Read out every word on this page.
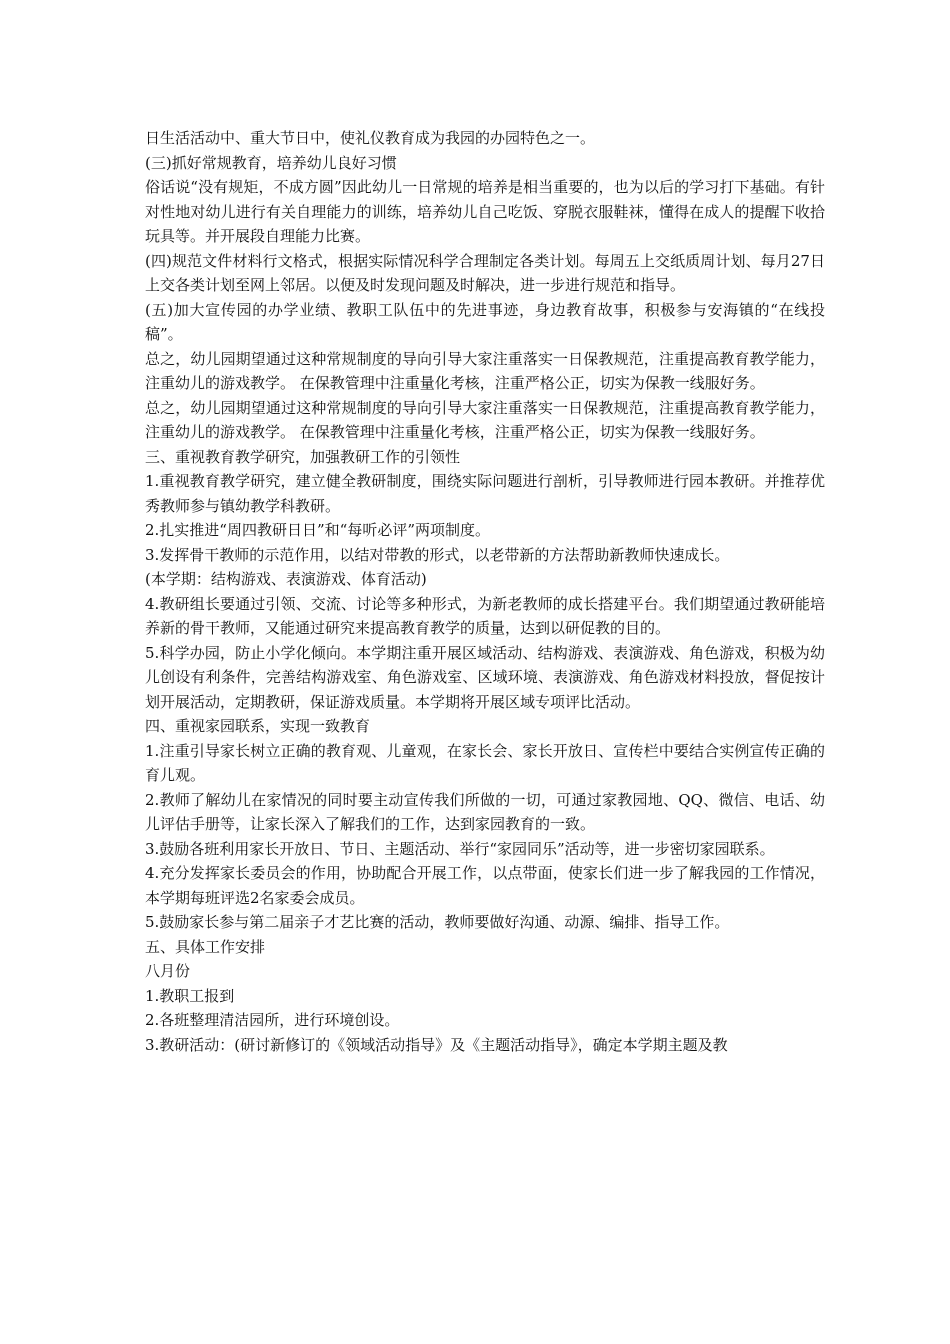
日生活活动中、重大节日中，使礼仪教育成为我园的办园特色之一。

(三)抓好常规教育，培养幼儿良好习惯

俗话说“没有规矩，不成方圆”因此幼儿一日常规的培养是相当重要的，也为以后的学习打下基础。有针对性地对幼儿进行有关自理能力的训练，培养幼儿自己吃饭、穿脱衣服鞋袜，懂得在成人的提醒下收拾玩具等。并开展段自理能力比赛。

(四)规范文件材料行文格式，根据实际情况科学合理制定各类计划。每周五上交纸质周计划、每月27日上交各类计划至网上邻居。以便及时发现问题及时解决，进一步进行规范和指导。

(五)加大宣传园的办学业绩、教职工队伍中的先进事迹，身边教育故事，积极参与安海镇的“在线投稿”。

总之，幼儿园期望通过这种常规制度的导向引导大家注重落实一日保教规范，注重提高教育教学能力，注重幼儿的游戏教学。 在保教管理中注重量化考核，注重严格公正，切实为保教一线服好务。

总之，幼儿园期望通过这种常规制度的导向引导大家注重落实一日保教规范，注重提高教育教学能力，注重幼儿的游戏教学。 在保教管理中注重量化考核，注重严格公正，切实为保教一线服好务。

三、重视教育教学研究，加强教研工作的引领性

1.重视教育教学研究，建立健全教研制度，围绕实际问题进行剖析，引导教师进行园本教研。并推荐优秀教师参与镇幼教学科教研。

2.扎实推进“周四教研日日”和“每听必评”两项制度。

3.发挥骨干教师的示范作用，以结对带教的形式，以老带新的方法帮助新教师快速成长。

(本学期：结构游戏、表演游戏、体育活动)

4.教研组长要通过引领、交流、讨论等多种形式，为新老教师的成长搭建平台。我们期望通过教研能培养新的骨干教师，又能通过研究来提高教育教学的质量，达到以研促教的目的。

5.科学办园，防止小学化倾向。本学期注重开展区域活动、结构游戏、表演游戏、角色游戏，积极为幼儿创设有利条件，完善结构游戏室、角色游戏室、区域环境、表演游戏、角色游戏材料投放，督促按计划开展活动，定期教研，保证游戏质量。本学期将开展区域专项评比活动。

四、重视家园联系，实现一致教育

1.注重引导家长树立正确的教育观、儿童观，在家长会、家长开放日、宣传栏中要结合实例宣传正确的育儿观。

2.教师了解幼儿在家情况的同时要主动宣传我们所做的一切，可通过家教园地、QQ、微信、电话、幼儿评估手册等，让家长深入了解我们的工作，达到家园教育的一致。

3.鼓励各班利用家长开放日、节日、主题活动、举行“家园同乐”活动等，进一步密切家园联系。

4.充分发挥家长委员会的作用，协助配合开展工作，以点带面，使家长们进一步了解我园的工作情况，本学期每班评选2名家委会成员。

5.鼓励家长参与第二届亲子才艺比赛的活动，教师要做好沟通、动源、编排、指导工作。

五、具体工作安排

八月份

1.教职工报到

2.各班整理清洁园所，进行环境创设。

3.教研活动：(研讨新修订的《领域活动指导》及《主题活动指导》，确定本学期主题及教
